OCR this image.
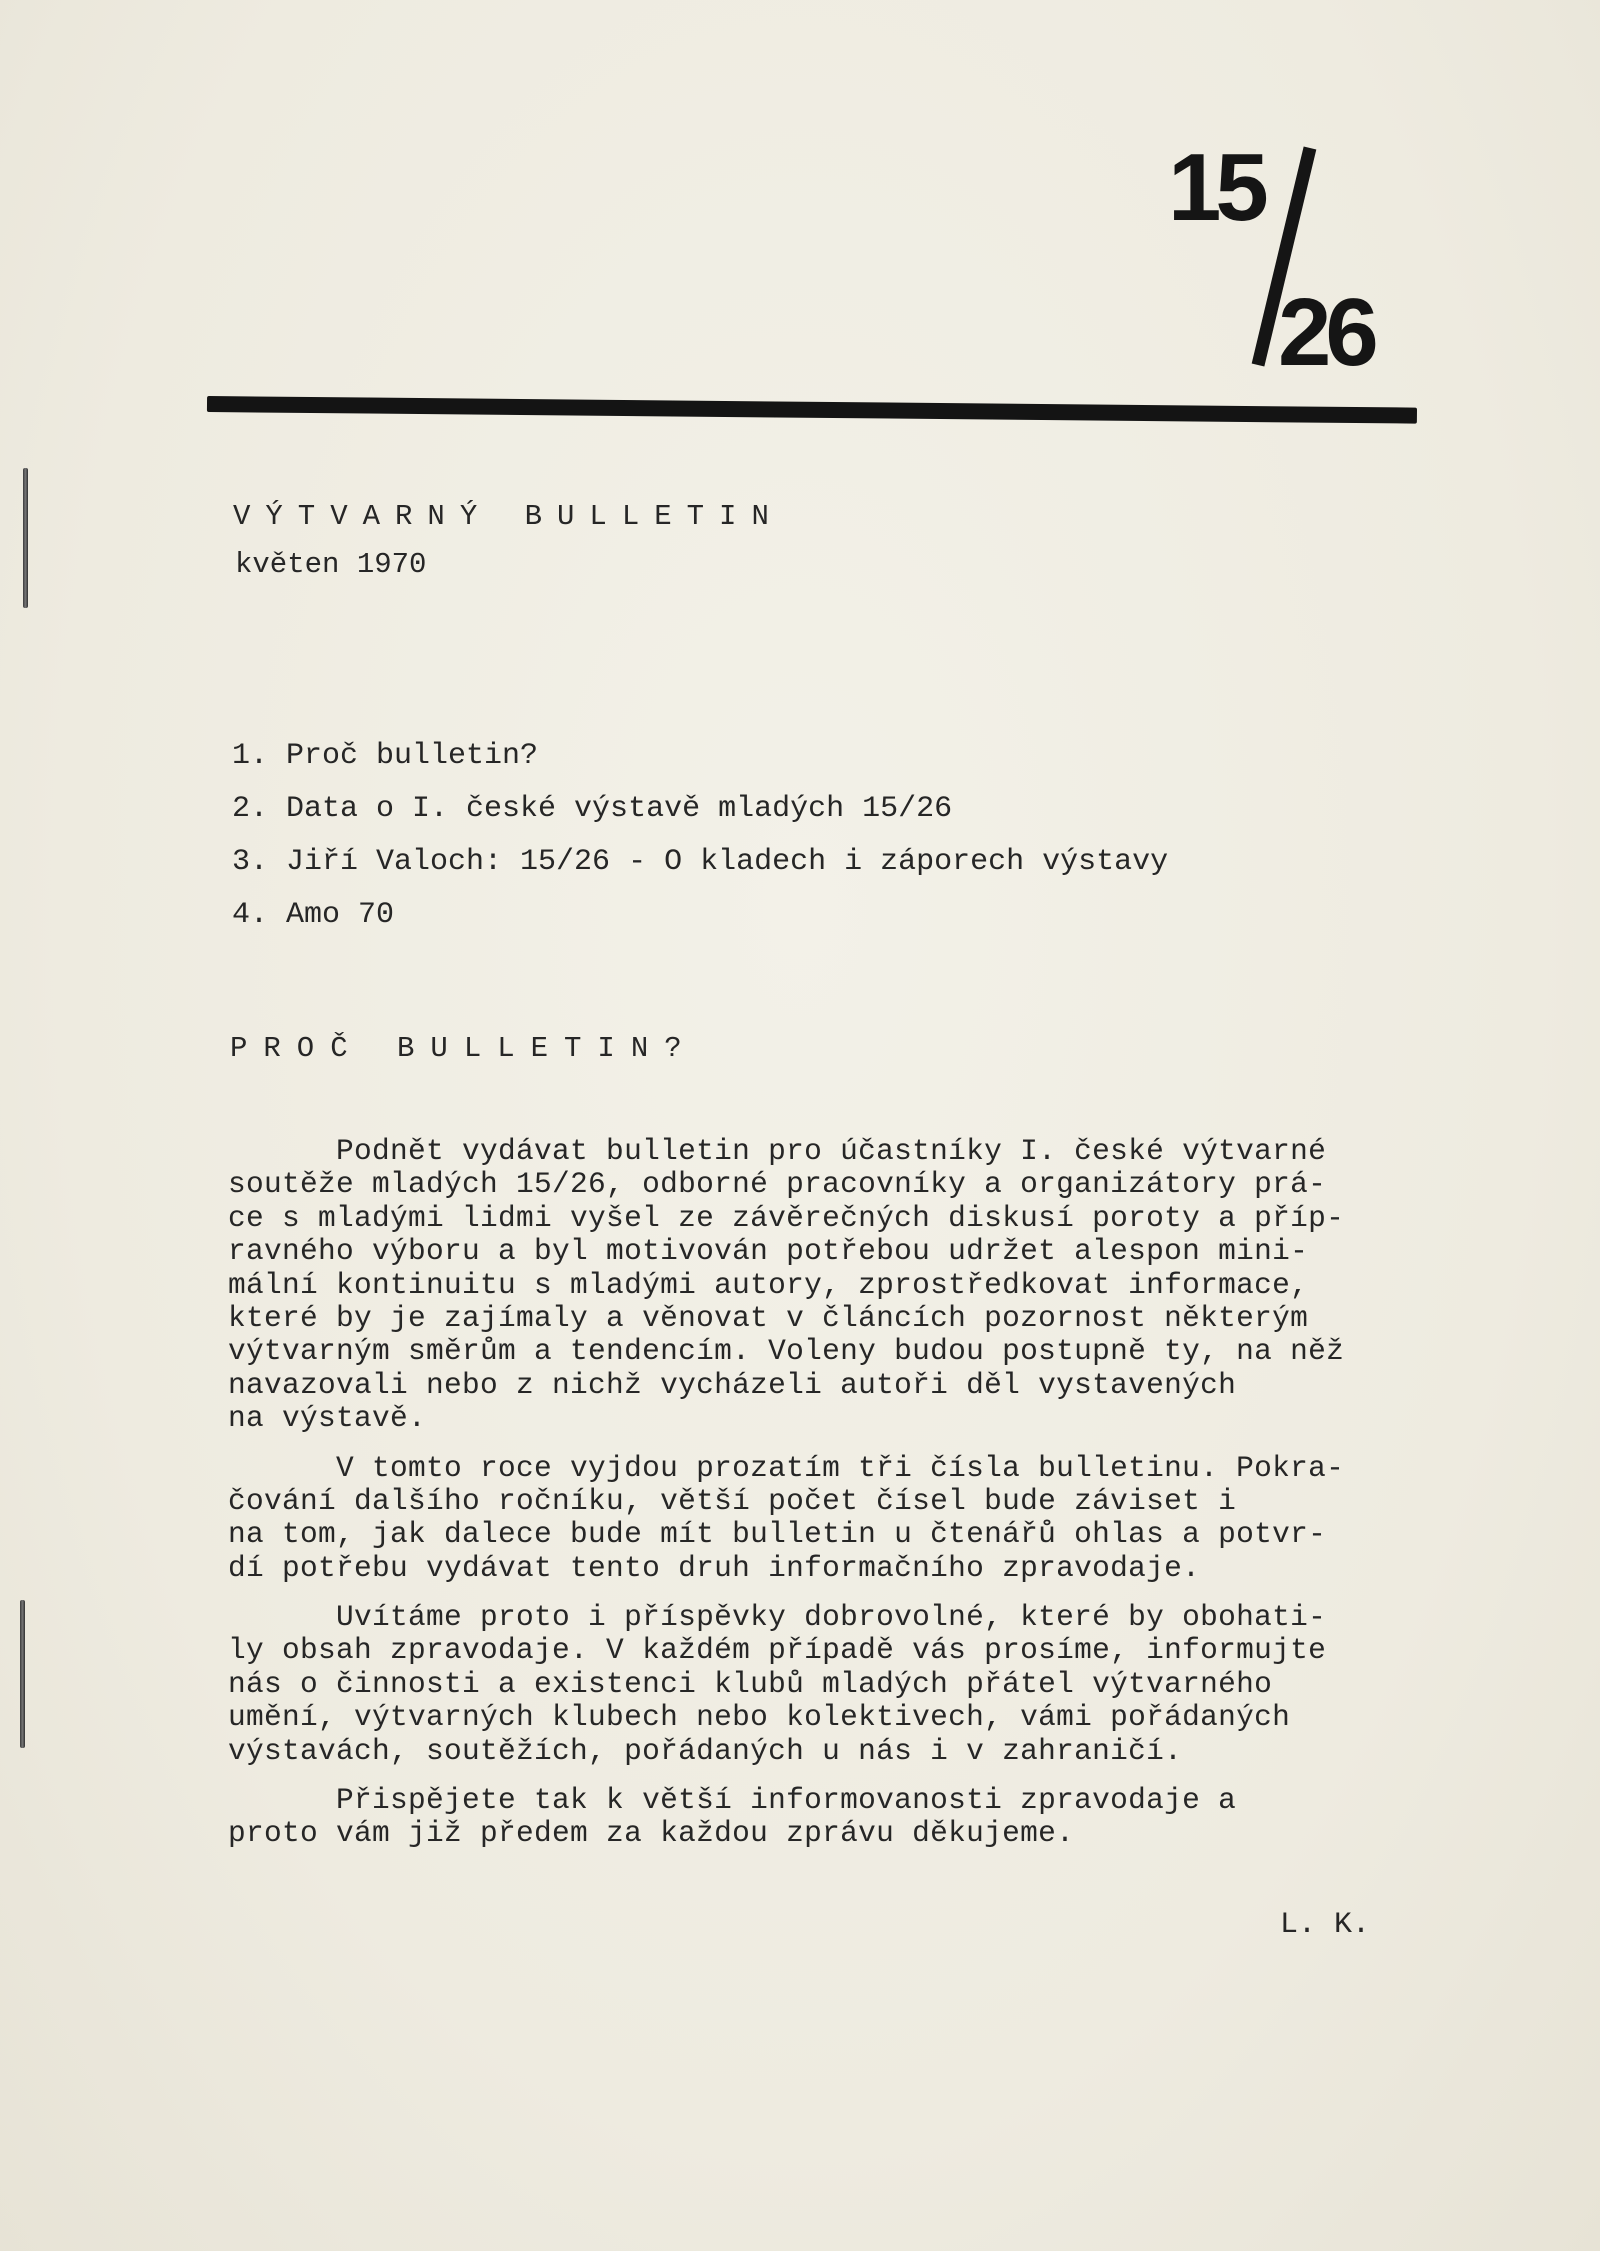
15
26
VÝTVARNÝ BULLETIN
květen 1970
1. Proč bulletin?
2. Data o I. české výstavě mladých 15/26
3. Jiří Valoch: 15/26 - O kladech i záporech výstavy
4. Amo 70
PROČ BULLETIN?
Podnět vydávat bulletin pro účastníky I. české výtvarné
soutěže mladých 15/26, odborné pracovníky a organizátory prá-
ce s mladými lidmi vyšel ze závěrečných diskusí poroty a příp-
ravného výboru a byl motivován potřebou udržet alespon mini-
mální kontinuitu s mladými autory, zprostředkovat informace,
které by je zajímaly a věnovat v článcích pozornost některým
výtvarným směrům a tendencím. Voleny budou postupně ty, na něž
navazovali nebo z nichž vycházeli autoři děl vystavených
na výstavě.
V tomto roce vyjdou prozatím tři čísla bulletinu. Pokra-
čování dalšího ročníku, větší počet čísel bude záviset i
na tom, jak dalece bude mít bulletin u čtenářů ohlas a potvr-
dí potřebu vydávat tento druh informačního zpravodaje.
Uvítáme proto i příspěvky dobrovolné, které by obohati-
ly obsah zpravodaje. V každém případě vás prosíme, informujte
nás o činnosti a existenci klubů mladých přátel výtvarného
umění, výtvarných klubech nebo kolektivech, vámi pořádaných
výstavách, soutěžích, pořádaných u nás i v zahraničí.
Přispějete tak k větší informovanosti zpravodaje a
proto vám již předem za každou zprávu děkujeme.
L. K.
